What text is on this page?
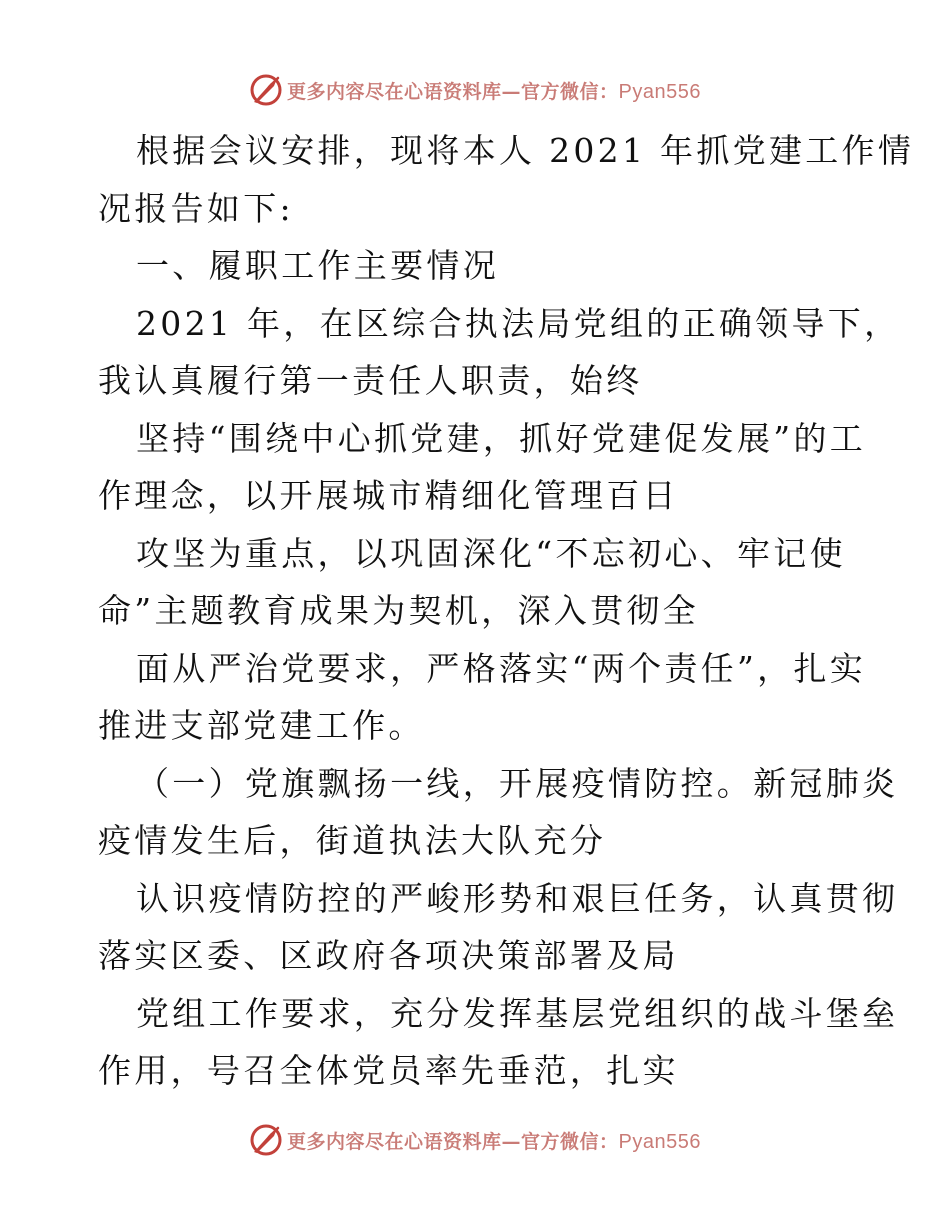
更多内容尽在心语资料库—官方微信：Pyan556
根据会议安排，现将本人 2021 年抓党建工作情
况报告如下:
一、履职工作主要情况
2021 年，在区综合执法局党组的正确领导下，
我认真履行第一责任人职责，始终
坚持“围绕中心抓党建，抓好党建促发展”的工
作理念，以开展城市精细化管理百日
攻坚为重点，以巩固深化“不忘初心、牢记使
命”主题教育成果为契机，深入贯彻全
面从严治党要求，严格落实“两个责任”，扎实
推进支部党建工作。
（一）党旗飘扬一线，开展疫情防控。新冠肺炎
疫情发生后，街道执法大队充分
认识疫情防控的严峻形势和艰巨任务，认真贯彻
落实区委、区政府各项决策部署及局
党组工作要求，充分发挥基层党组织的战斗堡垒
作用，号召全体党员率先垂范，扎实
更多内容尽在心语资料库—官方微信：Pyan556
